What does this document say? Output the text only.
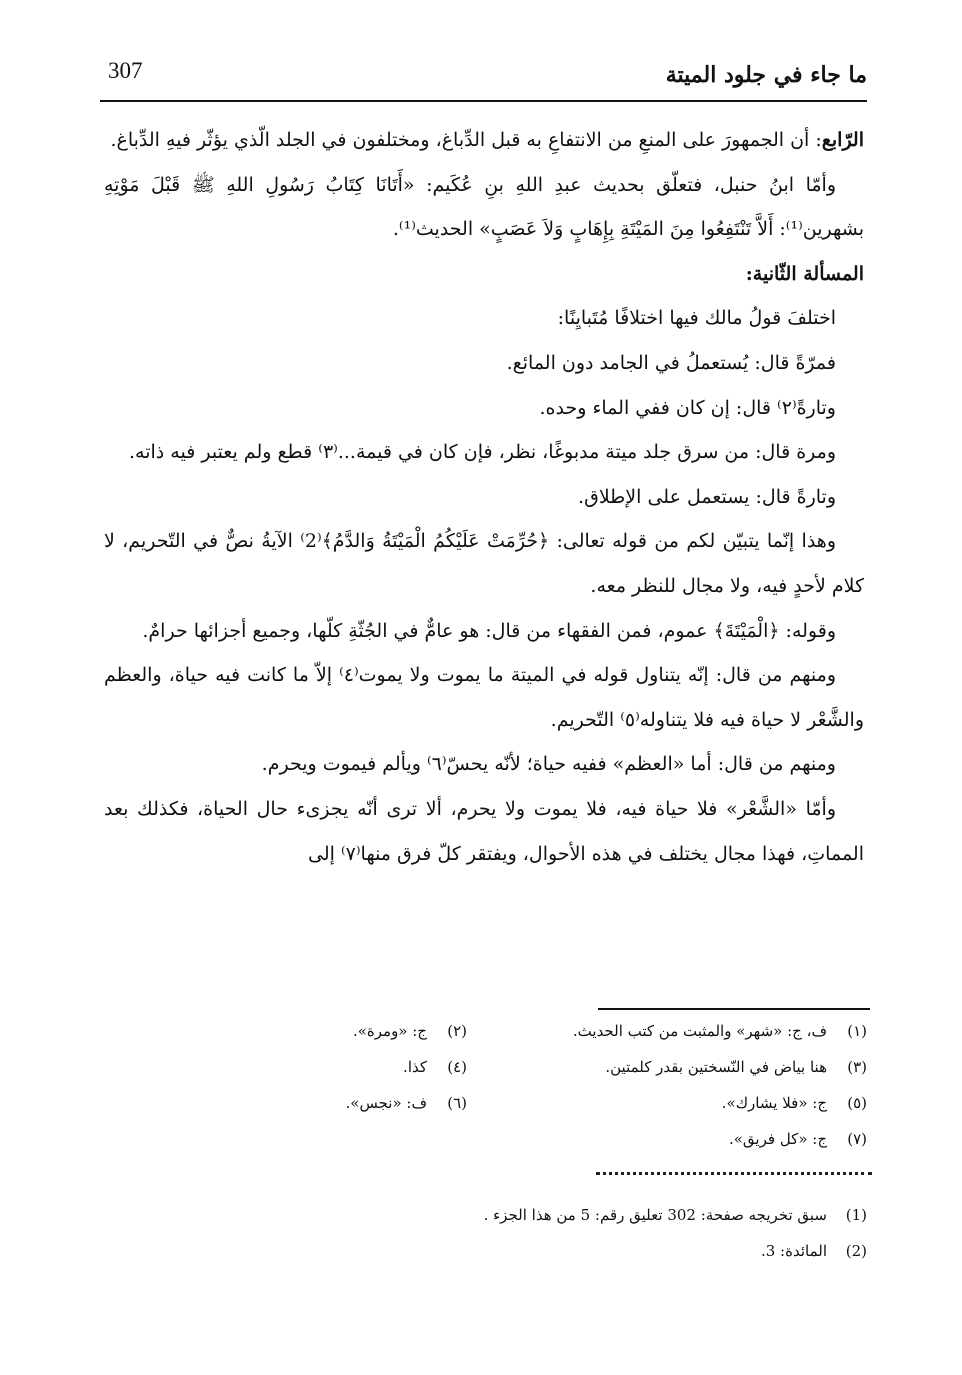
ما جاء في جلود الميتة
307

الرّابع: أن الجمهورَ على المنعِ من الانتفاعِ به قبل الدِّباغ، ومختلفون في الجلد الّذي يؤثّر فيهِ الدِّباغ.

وأمّا ابنُ حنبل، فتعلّق بحديث عبدِ اللهِ بنِ عُكَيم: «أَتَانَا كِتَابُ رَسُولِ اللهِ ﷺ قَبْلَ مَوْتِهِ بشهرين⁽¹⁾: أَلاَّ تَنْتَفِعُوا مِنَ المَيْتَةِ بِإِهَابٍ وَلاَ عَصَبٍ» الحديث⁽¹⁾.

المسألة الثّانية:

اختلفَ قولُ مالك فيها اختلافًا مُتَبايِنًا:

فمرّةً قال: يُستعملُ في الجامد دون المائع.

وتارةً⁽٢⁾ قال: إن كان ففي الماء وحده.

ومرة قال: من سرق جلد ميتة مدبوغًا، نظر، فإن كان في قيمة...⁽٣⁾ قطع ولم يعتبر فيه ذاته.

وتارةً قال: يستعمل على الإطلاق.

وهذا إنّما يتبيّن لكم من قوله تعالى: ﴿حُرِّمَتْ عَلَيْكُمُ الْمَيْتَةُ وَالدَّمُ﴾⁽2⁾ الآيةُ نصٌّ في التّحريم، لا كلام لأحدٍ فيه، ولا مجال للنظر معه.

وقوله: ﴿الْمَيْتَةَ﴾ عموم، فمن الفقهاء من قال: هو عامٌّ في الجُثّةِ كلّها، وجميع أجزائها حرامٌ.

ومنهم من قال: إنّه يتناول قوله في الميتة ما يموت ولا يموت⁽٤⁾ إلاّ ما كانت فيه حياة، والعظم والشَّعْر لا حياة فيه فلا يتناوله⁽٥⁾ التّحريم.

ومنهم من قال: أما «العظم» ففيه حياة؛ لأنّه يحسّ⁽٦⁾ ويألم فيموت ويحرم.

وأمّا «الشَّعْر» فلا حياة فيه، فلا يموت ولا يحرم، ألا ترى أنّه يجزىء حال الحياة، فكذلك بعد المماتِ، فهذا مجال يختلف في هذه الأحوال، ويفتقر كلّ فرق منها⁽٧⁾ إلى

(١)ف، ج: «شهر» والمثبت من كتب الحديث.
(٢)ج: «ومرة».
(٣)هنا بياض في النّسختين بقدر كلمتين.
(٤)كذا.
(٥)ج: «فلا يشارك».
(٦)ف: «نجس».
(٧)ج: «كل فريق».
(1)سبق تخريجه صفحة: 302 تعليق رقم: 5 من هذا الجزء .
(2)المائدة: 3.
